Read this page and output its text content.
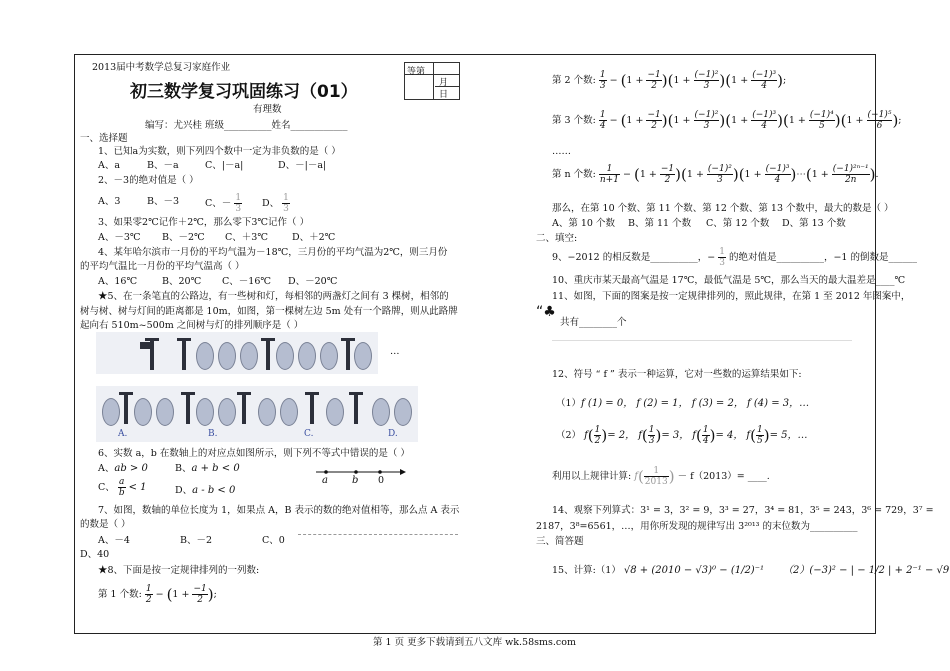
2013届中考数学总复习家庭作业
初三数学复习巩固练习（01）
等第
月
日
有理数
编写：尤兴桂 班级__________姓名____________
一、选择题
1、已知a为实数，则下列四个数中一定为非负数的是（ ）
A、a	B、－a	C、|－a|	D、－|－a|
2、－3的绝对值是（ ）
A、3	B、－3	C、－ $\frac{1}{3}$ D、 $\frac{1}{3}$
3、如果零2℃记作＋2℃，那么零下3℃记作（ ）
A、－3℃ B、－2℃ C、＋3℃	D、＋2℃
4、某年哈尔滨市一月份的平均气温为－18℃，三月份的平均气温为2℃，则三月份
的平均气温比一月份的平均气温高（ ）
A、16℃	B、20℃ C、－16℃ D、－20℃
★5、在一条笔直的公路边，有一些树和灯，每相邻的两盏灯之间有 3 棵树，相邻的
树与树、树与灯间的距离都是 10m，如图，第一棵树左边 5m 处有一个路牌，则从此路牌
起向右 510m~500m 之间树与灯的排列顺序是（ ）
…
A.	B.	C.	D.
6、实数 a，b 在数轴上的对应点如图所示，则下列不等式中错误的是（ ）
A、ab > 0	B、a + b < 0
C、 $\frac{a}{b} < 1$	D、a - b < 0
a b 0
7、如图，数轴的单位长度为 1，如果点 A，B 表示的数的绝对值相等，那么点 A 表示
的数是（ ）
A、－4	B、－2	C、0
D、40
★8、下面是按一定规律排列的一列数:
第 1 个数: $\frac{1}{2} - (1 + \frac{-1}{2}$ );
第 2 个数: $\frac{1}{3} - (1 + \frac{-1}{2} )(1 + \frac{\text{(−1)²}}{3} )(1 + \frac{\text{(−1)³}}{4}$ );
第 3 个数: $\frac{1}{4} - (1 + \frac{-1}{2} )(1 + \frac{\text{(−1)²}}{3} )(1 + \frac{\text{(−1)³}}{4} )(1 + \frac{\text{(−1)⁴}}{5} )(1 + \frac{\text{(−1)⁵}}{6}$ );
……
第 n 个数: $\frac{1}{n+1} - (1 + \frac{-1}{2} )(1 + \frac{\text{(−1)²}}{3} )(1 + \frac{\text{(−1)³}}{4}$ )⋯(1 + $\frac{\text{(−1)²ⁿ⁻¹}}{2n}$ ).
那么，在第 10 个数、第 11 个数、第 12 个数、第 13 个数中，最大的数是（ ）
A、第 10 个数 B、第 11 个数 C、第 12 个数 D、第 13 个数
二、填空:
9、−2012 的相反数是__________，− $\frac{1}{3}$ 的绝对值是__________，−1 的倒数是______
10、重庆市某天最高气温是 17℃，最低气温是 5℃，那么当天的最大温差是____℃
11、如图，下面的图案是按一定规律排列的，照此规律，在第 1 至 2012 年图案中，
“♣
共有________个
12、符号 “ f ” 表示一种运算，它对一些数的运算结果如下:
（1）f (1) = 0， f (2) = 1， f (3) = 2， f (4) = 3，…
（2） $f( \frac{1}{2}$ )= 2， $f( \frac{1}{3}$ )= 3， $f( \frac{1}{4}$ )= 4， $f( \frac{1}{5}$ )= 5，…
利用以上规律计算: $f( \frac{1}{2013}$ ) － f（2013）= ____.
14、观察下列算式：3¹ = 3，3² = 9，3³ = 27，3⁴ = 81，3⁵ = 243，3⁶ = 729，3⁷ =
2187，3⁸=6561，…，用你所发现的规律写出 3²⁰¹³ 的末位数为__________
三、简答题
15、计算:（1） √8 + (2010 − √3)⁰ − (1/2)⁻¹ （2）(−3)² − | − 1/2 | + 2⁻¹ − √9
第 1 页 更多下载请到五八文库 wk.58sms.com
